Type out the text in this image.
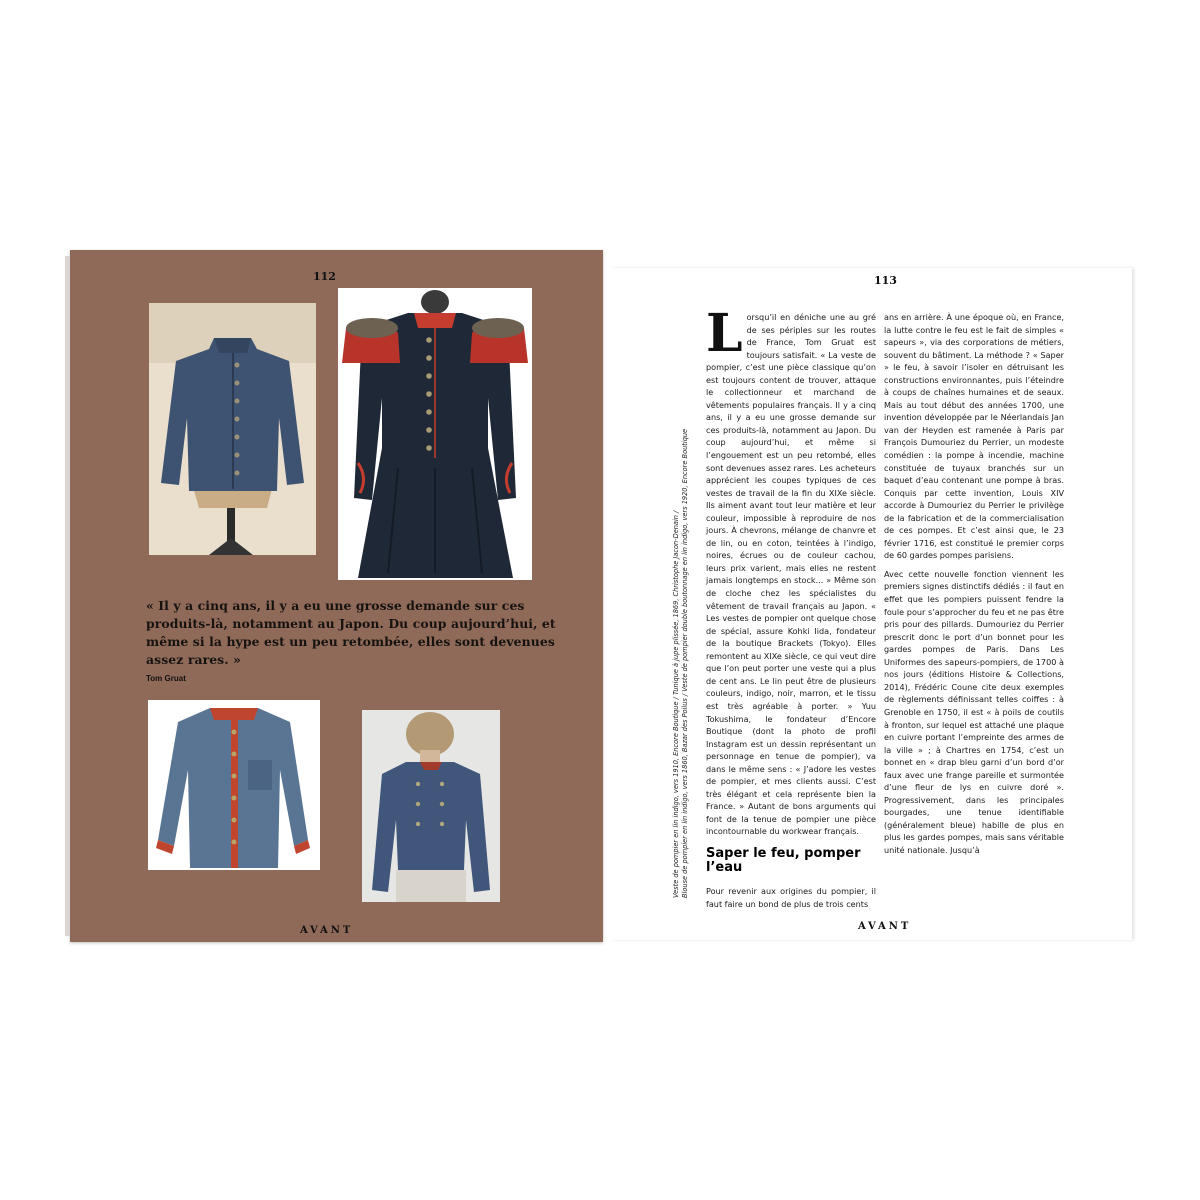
112
« Il y a cinq ans, il y a eu une grosse demande sur ces produits-là, notamment au Japon. Du coup aujourd’hui, et même si la hype est un peu retombée, elles sont devenues assez rares. »
Tom Gruat
AVANT
113
Veste de pompier en lin indigo, vers 1910, Encore Boutique / Tunique à jupe plissée, 1869, Christophe Jacon-Denain / Blouse de pompier en lin indigo, vers 1860, Bazar des Poilus / Veste de pompier double boutonnage en lin indigo, vers 1920, Encore Boutique

Lorsqu’il en déniche une au gré de ses périples sur les routes de France, Tom Gruat est toujours satisfait. « La veste de pompier, c’est une pièce classique qu’on est toujours content de trouver, attaque le collectionneur et marchand de vêtements populaires français. Il y a cinq ans, il y a eu une grosse demande sur ces produits-là, notamment au Japon. Du coup aujourd’hui, et même si l’engouement est un peu retombé, elles sont devenues assez rares. Les acheteurs apprécient les coupes typiques de ces vestes de travail de la fin du XIXe siècle. Ils aiment avant tout leur matière et leur couleur, impossible à reproduire de nos jours. À chevrons, mélange de chanvre et de lin, ou en coton, teintées à l’indigo, noires, écrues ou de couleur cachou, leurs prix varient, mais elles ne restent jamais longtemps en stock... » Même son de cloche chez les spécialistes du vêtement de travail français au Japon. « Les vestes de pompier ont quelque chose de spécial, assure Kohki Iida, fondateur de la boutique Brackets (Tokyo). Elles remontent au XIXe siècle, ce qui veut dire que l’on peut porter une veste qui a plus de cent ans. Le lin peut être de plusieurs couleurs, indigo, noir, marron, et le tissu est très agréable à porter. » Yuu Tokushima, le fondateur d’Encore Boutique (dont la photo de profil Instagram est un dessin représentant un personnage en tenue de pompier), va dans le même sens : « J’adore les vestes de pompier, et mes clients aussi. C’est très élégant et cela représente bien la France. » Autant de bons arguments qui font de la tenue de pompier une pièce incontournable du workwear français.

Saper le feu, pomper l’eau

Pour revenir aux origines du pompier, il faut faire un bond de plus de trois cents

ans en arrière. À une époque où, en France, la lutte contre le feu est le fait de simples « sapeurs », via des corporations de métiers, souvent du bâtiment. La méthode ? « Saper » le feu, à savoir l’isoler en détruisant les constructions environnantes, puis l’éteindre à coups de chaînes humaines et de seaux. Mais au tout début des années 1700, une invention développée par le Néerlandais Jan van der Heyden est ramenée à Paris par François Dumouriez du Perrier, un modeste comédien : la pompe à incendie, machine constituée de tuyaux branchés sur un baquet d’eau contenant une pompe à bras. Conquis par cette invention, Louis XIV accorde à Dumouriez du Perrier le privilège de la fabrication et de la commercialisation de ces pompes. Et c’est ainsi que, le 23 février 1716, est constitué le premier corps de 60 gardes pompes parisiens.

Avec cette nouvelle fonction viennent les premiers signes distinctifs dédiés : il faut en effet que les pompiers puissent fendre la foule pour s’approcher du feu et ne pas être pris pour des pillards. Dumouriez du Perrier prescrit donc le port d’un bonnet pour les gardes pompes de Paris. Dans Les Uniformes des sapeurs-pompiers, de 1700 à nos jours (éditions Histoire & Collections, 2014), Frédéric Coune cite deux exemples de règlements définissant telles coiffes : à Grenoble en 1750, il est « à poils de coutils à fronton, sur lequel est attaché une plaque en cuivre portant l’empreinte des armes de la ville » ; à Chartres en 1754, c’est un bonnet en « drap bleu garni d’un bord d’or faux avec une frange pareille et surmontée d’une fleur de lys en cuivre doré ». Progressivement, dans les principales bourgades, une tenue identifiable (généralement bleue) habille de plus en plus les gardes pompes, mais sans véritable unité nationale. Jusqu’à

AVANT
